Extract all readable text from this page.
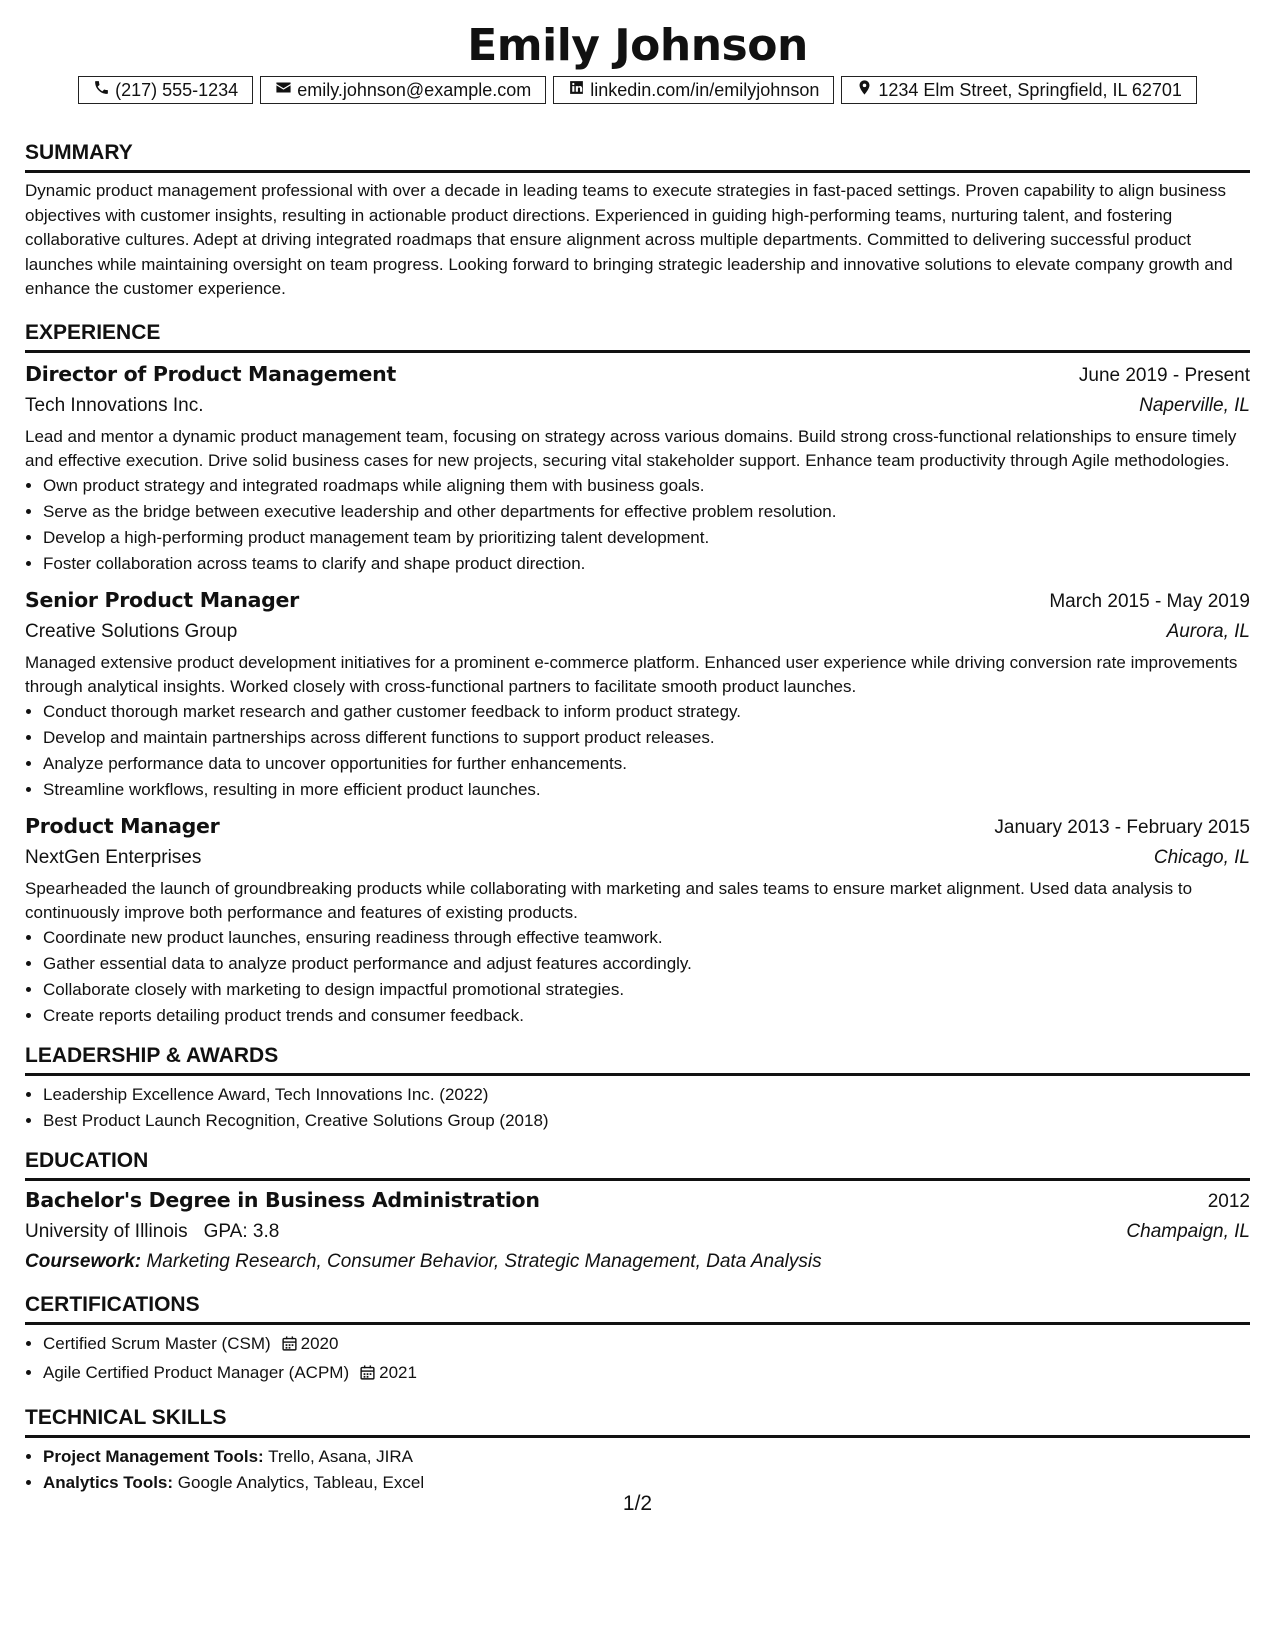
Emily Johnson
(217) 555-1234	emily.johnson@example.com	linkedin.com/in/emilyjohnson	1234 Elm Street, Springfield, IL 62701
SUMMARY
Dynamic product management professional with over a decade in leading teams to execute strategies in fast-paced settings. Proven capability to align business objectives with customer insights, resulting in actionable product directions. Experienced in guiding high-performing teams, nurturing talent, and fostering collaborative cultures. Adept at driving integrated roadmaps that ensure alignment across multiple departments. Committed to delivering successful product launches while maintaining oversight on team progress. Looking forward to bringing strategic leadership and innovative solutions to elevate company growth and enhance the customer experience.
EXPERIENCE
Director of Product Management	June 2019 - Present
Tech Innovations Inc.	Naperville, IL
Lead and mentor a dynamic product management team, focusing on strategy across various domains. Build strong cross-functional relationships to ensure timely and effective execution. Drive solid business cases for new projects, securing vital stakeholder support. Enhance team productivity through Agile methodologies.
• Own product strategy and integrated roadmaps while aligning them with business goals.
• Serve as the bridge between executive leadership and other departments for effective problem resolution.
• Develop a high-performing product management team by prioritizing talent development.
• Foster collaboration across teams to clarify and shape product direction.
Senior Product Manager	March 2015 - May 2019
Creative Solutions Group	Aurora, IL
Managed extensive product development initiatives for a prominent e-commerce platform. Enhanced user experience while driving conversion rate improvements through analytical insights. Worked closely with cross-functional partners to facilitate smooth product launches.
• Conduct thorough market research and gather customer feedback to inform product strategy.
• Develop and maintain partnerships across different functions to support product releases.
• Analyze performance data to uncover opportunities for further enhancements.
• Streamline workflows, resulting in more efficient product launches.
Product Manager	January 2013 - February 2015
NextGen Enterprises	Chicago, IL
Spearheaded the launch of groundbreaking products while collaborating with marketing and sales teams to ensure market alignment. Used data analysis to continuously improve both performance and features of existing products.
• Coordinate new product launches, ensuring readiness through effective teamwork.
• Gather essential data to analyze product performance and adjust features accordingly.
• Collaborate closely with marketing to design impactful promotional strategies.
• Create reports detailing product trends and consumer feedback.
LEADERSHIP & AWARDS
• Leadership Excellence Award, Tech Innovations Inc. (2022)
• Best Product Launch Recognition, Creative Solutions Group (2018)
EDUCATION
Bachelor's Degree in Business Administration	2012
University of Illinois GPA: 3.8	Champaign, IL
Coursework: Marketing Research, Consumer Behavior, Strategic Management, Data Analysis
CERTIFICATIONS
• Certified Scrum Master (CSM) 2020
• Agile Certified Product Manager (ACPM) 2021
TECHNICAL SKILLS
• Project Management Tools: Trello, Asana, JIRA
• Analytics Tools: Google Analytics, Tableau, Excel
1/2
